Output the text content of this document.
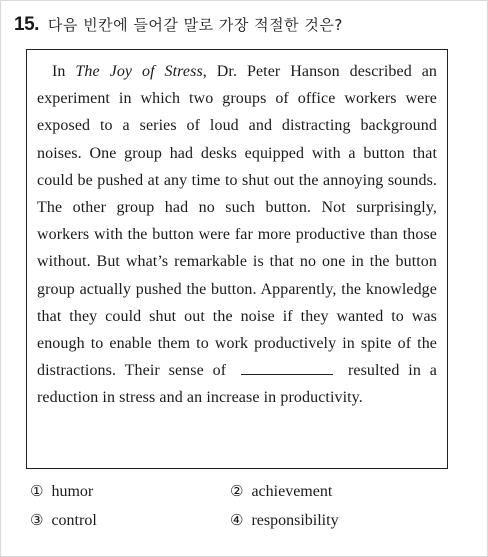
15. 다음 빈칸에 들어갈 말로 가장 적절한 것은?

In The Joy of Stress, Dr. Peter Hanson described an experiment in which two groups of office workers were exposed to a series of loud and distracting background noises. One group had desks equipped with a button that could be pushed at any time to shut out the annoying sounds. The other group had no such button. Not surprisingly, workers with the button were far more productive than those without. But what’s remarkable is that no one in the button group actually pushed the button. Apparently, the knowledge that they could shut out the noise if they wanted to was enough to enable them to work productively in spite of the distractions. Their sense of	resulted in a reduction in stress and an increase in productivity.

① humor	② achievement
③ control	④ responsibility
